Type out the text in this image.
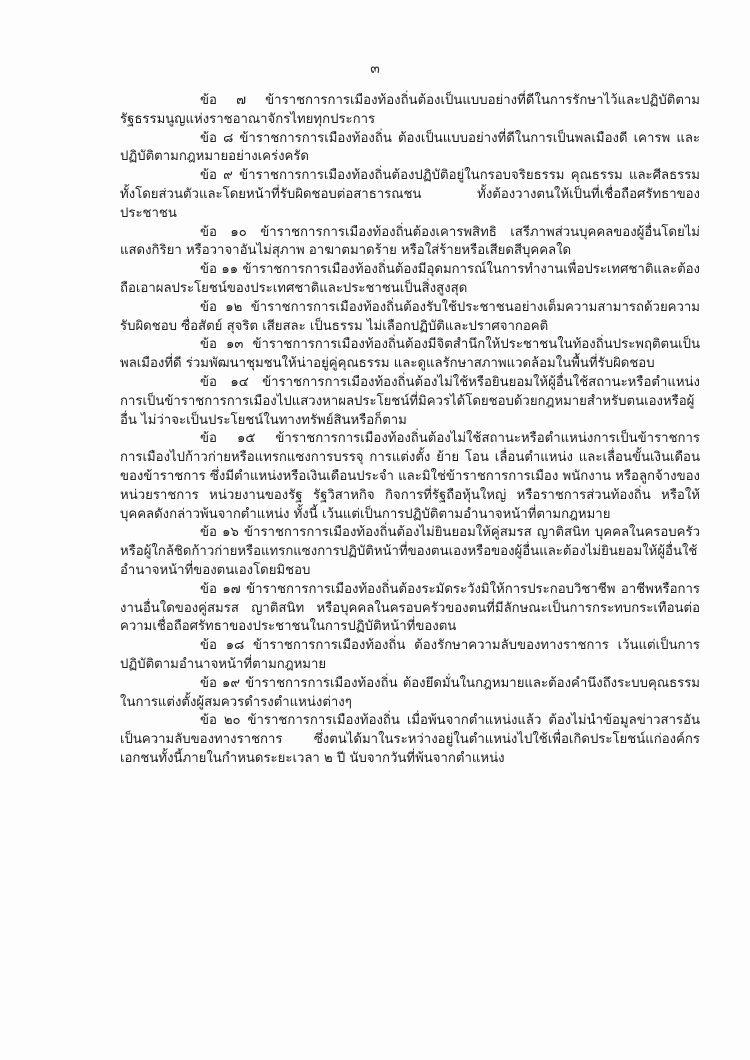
๓

ข้อ ๗ ข้าราชการการเมืองท้องถิ่นต้องเป็นแบบอย่างที่ดีในการรักษาไว้และปฏิบัติตามรัฐธรรมนูญแห่งราชอาณาจักรไทยทุกประการ

ข้อ ๘ ข้าราชการการเมืองท้องถิ่น ต้องเป็นแบบอย่างที่ดีในการเป็นพลเมืองดี เคารพ และปฏิบัติตามกฎหมายอย่างเคร่งครัด

ข้อ ๙ ข้าราชการการเมืองท้องถิ่นต้องปฏิบัติอยู่ในกรอบจริยธรรม คุณธรรม และศีลธรรมทั้งโดยส่วนตัวและโดยหน้าที่รับผิดชอบต่อสาธารณชน ทั้งต้องวางตนให้เป็นที่เชื่อถือศรัทธาของประชาชน

ข้อ ๑๐ ข้าราชการการเมืองท้องถิ่นต้องเคารพสิทธิ เสรีภาพส่วนบุคคลของผู้อื่นโดยไม่แสดงกิริยา หรือวาจาอันไม่สุภาพ อาฆาตมาดร้าย หรือใส่ร้ายหรือเสียดสีบุคคลใด

ข้อ ๑๑ ข้าราชการการเมืองท้องถิ่นต้องมีอุดมการณ์ในการทำงานเพื่อประเทศชาติและต้องถือเอาผลประโยชน์ของประเทศชาติและประชาชนเป็นสิ่งสูงสุด

ข้อ ๑๒ ข้าราชการการเมืองท้องถิ่นต้องรับใช้ประชาชนอย่างเต็มความสามารถด้วยความรับผิดชอบ ซื่อสัตย์ สุจริต เสียสละ เป็นธรรม ไม่เลือกปฏิบัติและปราศจากอคติ

ข้อ ๑๓ ข้าราชการการเมืองท้องถิ่นต้องมีจิตสำนึกให้ประชาชนในท้องถิ่นประพฤติตนเป็นพลเมืองที่ดี ร่วมพัฒนาชุมชนให้น่าอยู่คู่คุณธรรม และดูแลรักษาสภาพแวดล้อมในพื้นที่รับผิดชอบ

ข้อ ๑๔ ข้าราชการการเมืองท้องถิ่นต้องไม่ใช้หรือยินยอมให้ผู้อื่นใช้สถานะหรือตำแหน่งการเป็นข้าราชการการเมืองไปแสวงหาผลประโยชน์ที่มิควรได้โดยชอบด้วยกฎหมายสำหรับตนเองหรือผู้อื่น ไม่ว่าจะเป็นประโยชน์ในทางทรัพย์สินหรือก็ตาม

ข้อ ๑๕ ข้าราชการการเมืองท้องถิ่นต้องไม่ใช้สถานะหรือตำแหน่งการเป็นข้าราชการการเมืองไปก้าวก่ายหรือแทรกแซงการบรรจุ การแต่งตั้ง ย้าย โอน เลื่อนตำแหน่ง และเลื่อนขั้นเงินเดือนของข้าราชการ ซึ่งมีตำแหน่งหรือเงินเดือนประจำ และมิใช่ข้าราชการการเมือง พนักงาน หรือลูกจ้างของหน่วยราชการ หน่วยงานของรัฐ รัฐวิสาหกิจ กิจการที่รัฐถือหุ้นใหญ่ หรือราชการส่วนท้องถิ่น หรือให้บุคคลดังกล่าวพ้นจากตำแหน่ง ทั้งนี้ เว้นแต่เป็นการปฏิบัติตามอำนาจหน้าที่ตามกฎหมาย

ข้อ ๑๖ ข้าราชการการเมืองท้องถิ่นต้องไม่ยินยอมให้คู่สมรส ญาติสนิท บุคคลในครอบครัว หรือผู้ใกล้ชิดก้าวก่ายหรือแทรกแซงการปฏิบัติหน้าที่ของตนเองหรือของผู้อื่นและต้องไม่ยินยอมให้ผู้อื่นใช้อำนาจหน้าที่ของตนเองโดยมิชอบ

ข้อ ๑๗ ข้าราชการการเมืองท้องถิ่นต้องระมัดระวังมิให้การประกอบวิชาชีพ อาชีพหรือการงานอื่นใดของคู่สมรส ญาติสนิท หรือบุคคลในครอบครัวของตนที่มีลักษณะเป็นการกระทบกระเทือนต่อความเชื่อถือศรัทธาของประชาชนในการปฏิบัติหน้าที่ของตน

ข้อ ๑๘ ข้าราชการการเมืองท้องถิ่น ต้องรักษาความลับของทางราชการ เว้นแต่เป็นการปฏิบัติตามอำนาจหน้าที่ตามกฎหมาย

ข้อ ๑๙ ข้าราชการการเมืองท้องถิ่น ต้องยึดมั่นในกฎหมายและต้องคำนึงถึงระบบคุณธรรมในการแต่งตั้งผู้สมควรดำรงตำแหน่งต่างๆ

ข้อ ๒๐ ข้าราชการการเมืองท้องถิ่น เมื่อพ้นจากตำแหน่งแล้ว ต้องไม่นำข้อมูลข่าวสารอันเป็นความลับของทางราชการ ซึ่งตนได้มาในระหว่างอยู่ในตำแหน่งไปใช้เพื่อเกิดประโยชน์แก่องค์กรเอกชนทั้งนี้ภายในกำหนดระยะเวลา ๒ ปี นับจากวันที่พ้นจากตำแหน่ง
